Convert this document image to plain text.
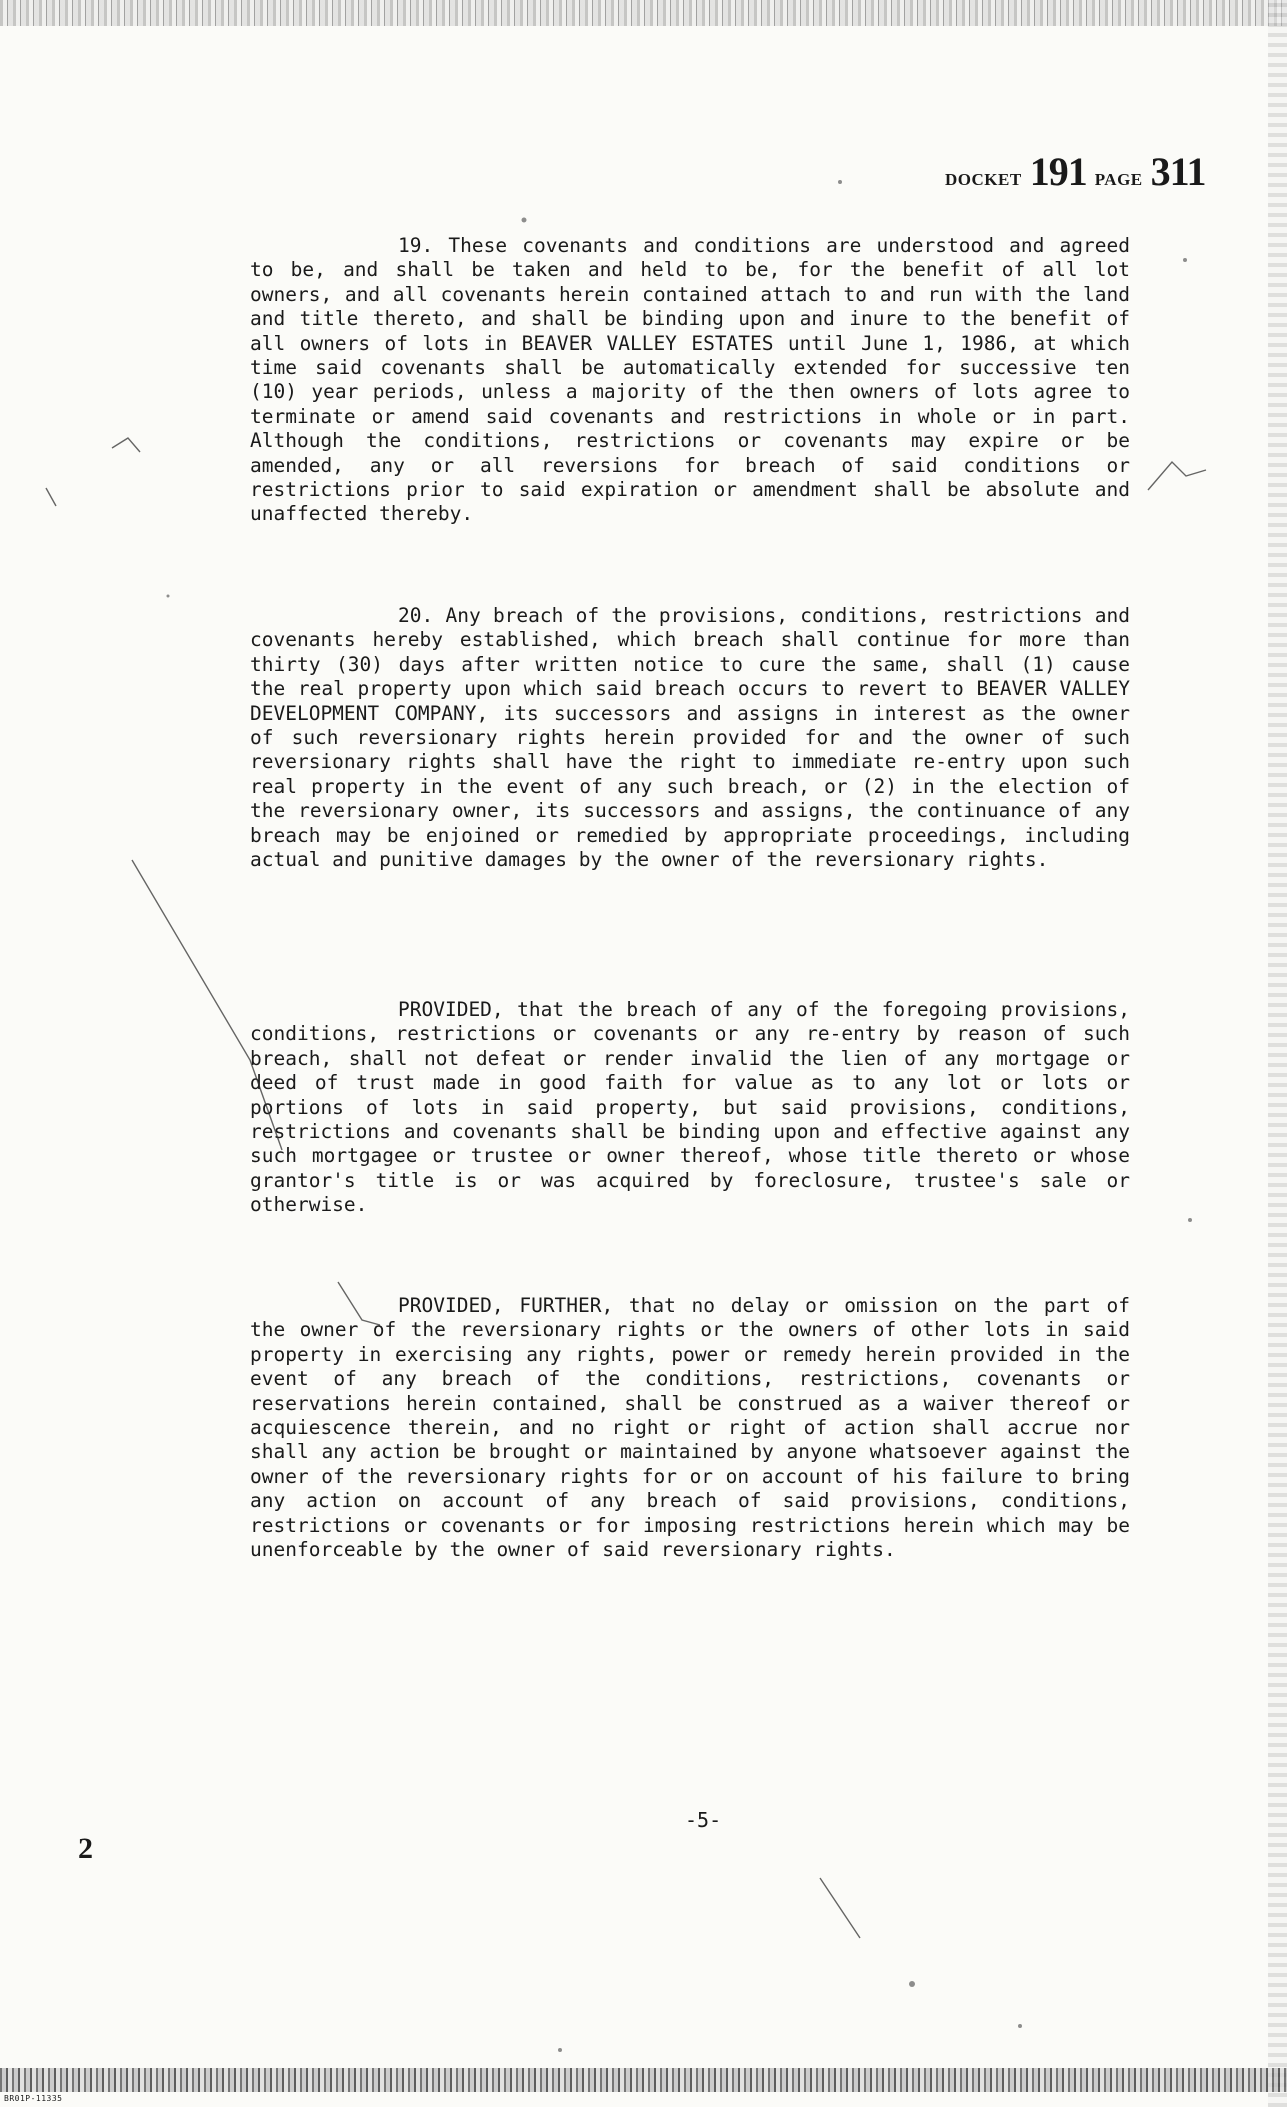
DOCKET 191 PAGE 311

19. These covenants and conditions are understood and agreed to be, and shall be taken and held to be, for the benefit of all lot owners, and all covenants herein contained attach to and run with the land and title thereto, and shall be binding upon and inure to the benefit of all owners of lots in BEAVER VALLEY ESTATES until June 1, 1986, at which time said covenants shall be automatically extended for successive ten (10) year periods, unless a majority of the then owners of lots agree to terminate or amend said covenants and restrictions in whole or in part. Although the conditions, restrictions or covenants may expire or be amended, any or all reversions for breach of said conditions or restrictions prior to said expiration or amendment shall be absolute and unaffected thereby.

20. Any breach of the provisions, conditions, restrictions and covenants hereby established, which breach shall continue for more than thirty (30) days after written notice to cure the same, shall (1) cause the real property upon which said breach occurs to revert to BEAVER VALLEY DEVELOPMENT COMPANY, its successors and assigns in interest as the owner of such reversionary rights herein provided for and the owner of such reversionary rights shall have the right to immediate re-entry upon such real property in the event of any such breach, or (2) in the election of the reversionary owner, its successors and assigns, the continuance of any breach may be enjoined or remedied by appropriate proceedings, including actual and punitive damages by the owner of the reversionary rights.

PROVIDED, that the breach of any of the foregoing provisions, conditions, restrictions or covenants or any re-entry by reason of such breach, shall not defeat or render invalid the lien of any mortgage or deed of trust made in good faith for value as to any lot or lots or portions of lots in said property, but said provisions, conditions, restrictions and covenants shall be binding upon and effective against any such mortgagee or trustee or owner thereof, whose title thereto or whose grantor's title is or was acquired by foreclosure, trustee's sale or otherwise.

PROVIDED, FURTHER, that no delay or omission on the part of the owner of the reversionary rights or the owners of other lots in said property in exercising any rights, power or remedy herein provided in the event of any breach of the conditions, restrictions, covenants or reservations herein contained, shall be construed as a waiver thereof or acquiescence therein, and no right or right of action shall accrue nor shall any action be brought or maintained by anyone whatsoever against the owner of the reversionary rights for or on account of his failure to bring any action on account of any breach of said provisions, conditions, restrictions or covenants or for imposing restrictions herein which may be unenforceable by the owner of said reversionary rights.

-5-
2
BR01P-11335
